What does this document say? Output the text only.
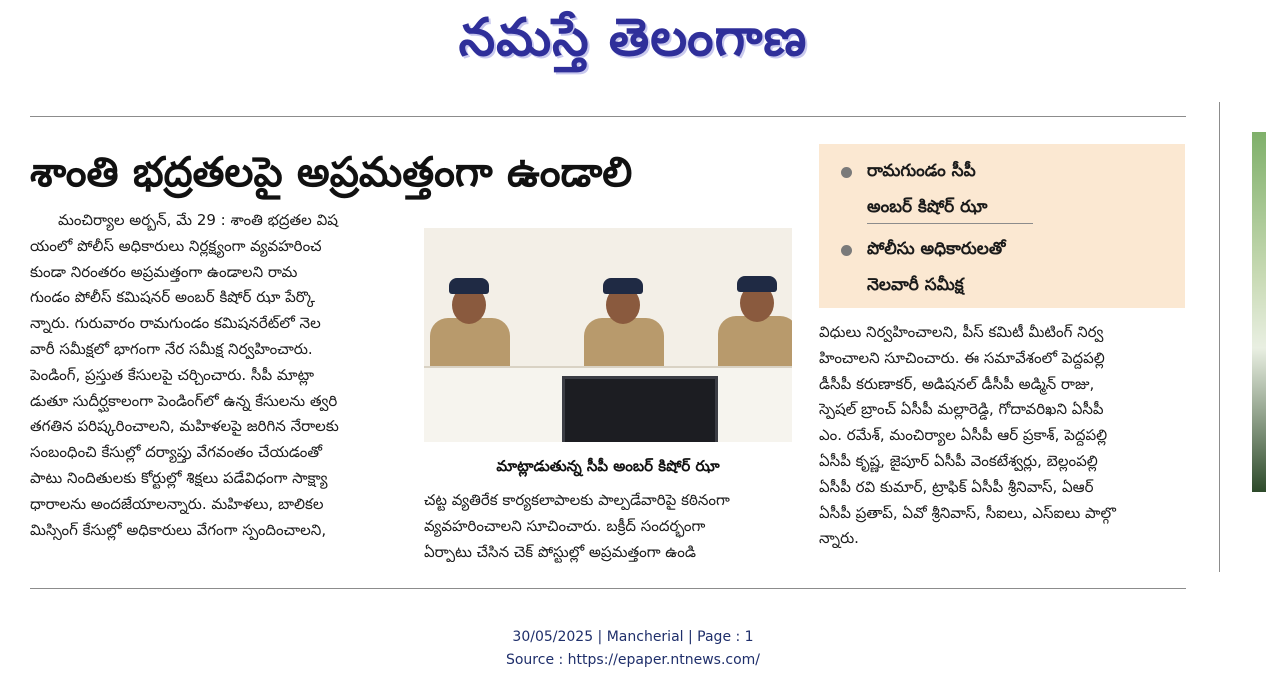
నమస్తే తెలంగాణ
శాంతి భద్రతలపై అప్రమత్తంగా ఉండాలి	రామగుండం సీపీ
అంబర్ కిషోర్ ఝా
పోలీసు అధికారులతో
నెలవారీ సమీక్ష
మంచిర్యాల అర్బన్, మే 29 : శాంతి భద్రతల విష
యంలో పోలీస్ అధికారులు నిర్లక్ష్యంగా వ్యవహరించ
కుండా నిరంతరం అప్రమత్తంగా ఉండాలని రామ
గుండం పోలీస్ కమిషనర్ అంబర్ కిషోర్ ఝా పేర్కొ
న్నారు. గురువారం రామగుండం కమిషనరేట్‌లో నెల
వారీ సమీక్షలో భాగంగా నేర సమీక్ష నిర్వహించారు.
పెండింగ్, ప్రస్తుత కేసులపై చర్చించారు. సీపీ మాట్లా
డుతూ సుదీర్ఘకాలంగా పెండింగ్‌లో ఉన్న కేసులను త్వరి
తగతిన పరిష్కరించాలని, మహిళలపై జరిగిన నేరాలకు
సంబంధించి కేసుల్లో దర్యాప్తు వేగవంతం చేయడంతో
పాటు నిందితులకు కోర్టుల్లో శిక్షలు పడేవిధంగా సాక్ష్యా
ధారాలను అందజేయాలన్నారు. మహిళలు, బాలికల
మిస్సింగ్ కేసుల్లో అధికారులు వేగంగా స్పందించాలని,
మాట్లాడుతున్న సీపీ అంబర్ కిషోర్ ఝా
చట్ట వ్యతిరేక కార్యకలాపాలకు పాల్పడేవారిపై కఠినంగా
వ్యవహరించాలని సూచించారు. బక్రీద్ సందర్భంగా
ఏర్పాటు చేసిన చెక్ పోస్టుల్లో అప్రమత్తంగా ఉండి
విధులు నిర్వహించాలని, పీస్ కమిటీ మీటింగ్ నిర్వ
హించాలని సూచించారు. ఈ సమావేశంలో పెద్దపల్లి
డీసీపీ కరుణాకర్, అడిషనల్ డీసీపీ అడ్మిన్ రాజు,
స్పెషల్ బ్రాంచ్ ఏసీపీ మల్లారెడ్డి, గోదావరిఖని ఏసీపీ
ఎం. రమేశ్, మంచిర్యాల ఏసీపీ ఆర్ ప్రకాశ్, పెద్దపల్లి
ఏసీపీ కృష్ణ, జైపూర్ ఏసీపీ వెంకటేశ్వర్లు, బెల్లంపల్లి
ఏసీపీ రవి కుమార్, ట్రాఫిక్ ఏసీపీ శ్రీనివాస్, ఏఆర్
ఏసీపీ ప్రతాప్, ఏవో శ్రీనివాస్, సీఐలు, ఎస్ఐలు పాల్గొ
న్నారు.
30/05/2025 | Mancherial | Page : 1
Source : https://epaper.ntnews.com/
